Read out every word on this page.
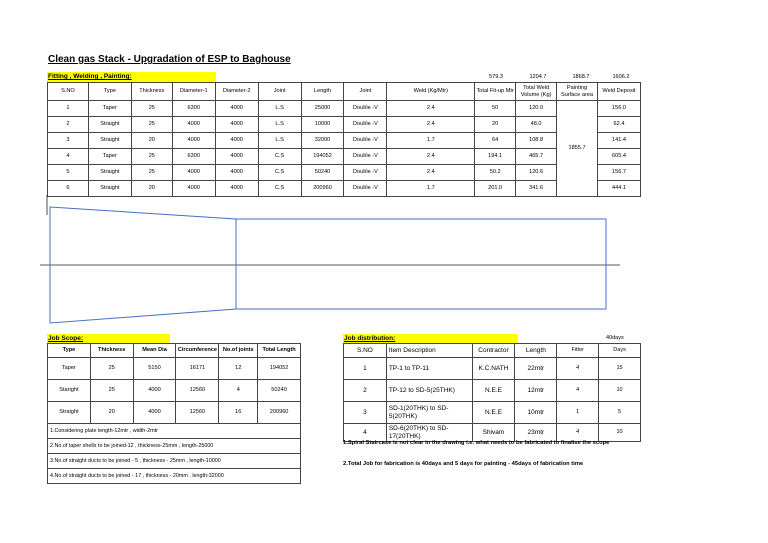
Clean gas Stack - Upgradation of ESP to Baghouse
Fitting , Welding , Painting:	579.3	1204.7	1868.7	1606.2
S.NO	Type	Thickness	Diameter-1	Diameter-2	Joint	Length	Joint	Weld (Kg/Mtr)	Total Fit-up Mtr	Total Weld Volume (Kg)	Painting Surface area	Weld Deposit
1	Taper	25	6300	4000	L.S	25000	Double -V	2.4	50	120.0	1855.7	156.0
2	Straight	25	4000	4000	L.S	10000	Double -V	2.4	20	48.0		62.4
3	Straight	20	4000	4000	L.S	32000	Double -V	1.7	64	108.8		141.4
4	Taper	25	6300	4000	C.S	194052	Double -V	2.4	194.1	465.7		605.4
5	Straight	25	4000	4000	C.S	50240	Double -V	2.4	50.2	120.6		156.7
6	Straight	20	4000	4000	C.S	200960	Double -V	1.7	201.0	341.6		444.1
Job Scope:
Type	Thickness	Mean Dia	Circumference	No.of joints	Total Length
Taper	25	5150	16171	12	194052
Staright	25	4000	12560	4	50240
Straight	20	4000	12560	16	200960
1.Considering plate length-12mtr , width-2mtr					
2.No.of taper shells to be joined-12 , thickness-25mm , length-25000					
3.No.of straight ducts to be joined - 5 , thickness - 25mm , length-10000					
4.No.of straight ducts to be joined - 17 , thickness - 20mm , length-32000					
Job distribution:	40days
S.NO	Item Description	Contractor	Length	Fitter	Days
1	TP-1 to TP-11	K.C.NATH	22mtr	4	15
2	TP-12 to SD-5(25THK)	N.E.E	12mtr	4	10
3	SD-1(20THK) to SD-5(20THK)	N.E.E	10mtr	1	5
4	SD-6(20THK) to SD-17(20THK)	Shivam	23mtr	4	10
1.Spiral Staircase is not clear in the drawing i.e. what needs to be fabricated to finalise the scope
2.Total Job for fabrication is 40days and 5 days for painting - 45days of fabrication time
